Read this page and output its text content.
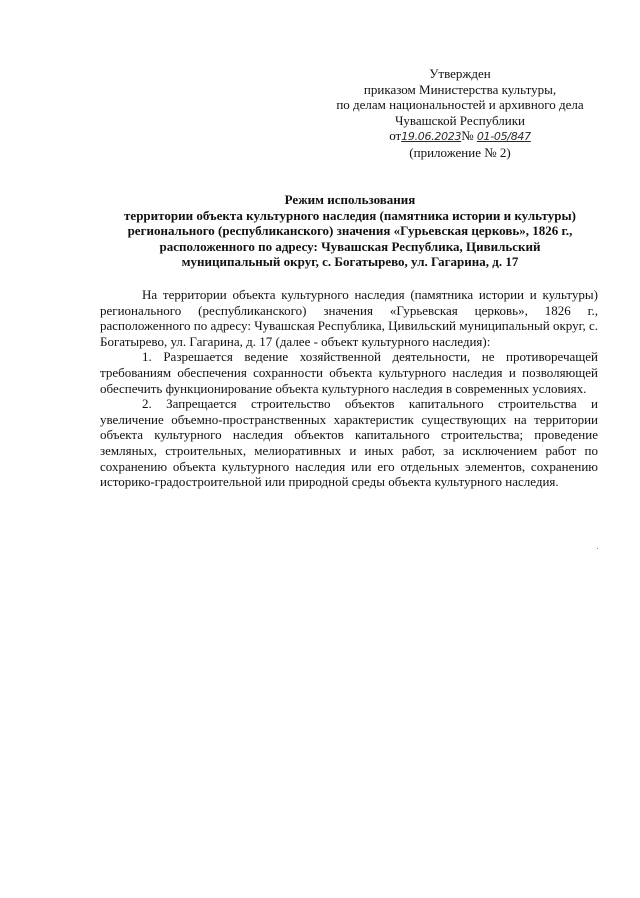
Утвержден
приказом Министерства культуры,
по делам национальностей и архивного дела
Чувашской Республики
от19.06.2023№ 01-05/847
(приложение № 2)
Режим использования
территории объекта культурного наследия (памятника истории и культуры)
регионального (республиканского) значения «Гурьевская церковь», 1826 г.,
расположенного по адресу: Чувашская Республика, Цивильский
муниципальный округ, с. Богатырево, ул. Гагарина, д. 17

На территории объекта культурного наследия (памятника истории и культуры) регионального (республиканского) значения «Гурьевская церковь», 1826 г., расположенного по адресу: Чувашская Республика, Цивильский муниципальный округ, с. Богатырево, ул. Гагарина, д. 17 (далее - объект культурного наследия):

1. Разрешается ведение хозяйственной деятельности, не противоречащей требованиям обеспечения сохранности объекта культурного наследия и позволяющей обеспечить функционирование объекта культурного наследия в современных условиях.

2. Запрещается строительство объектов капитального строительства и увеличение объемно-пространственных характеристик существующих на территории объекта культурного наследия объектов капитального строительства; проведение земляных, строительных, мелиоративных и иных работ, за исключением работ по сохранению объекта культурного наследия или его отдельных элементов, сохранению историко-градостроительной или природной среды объекта культурного наследия.
